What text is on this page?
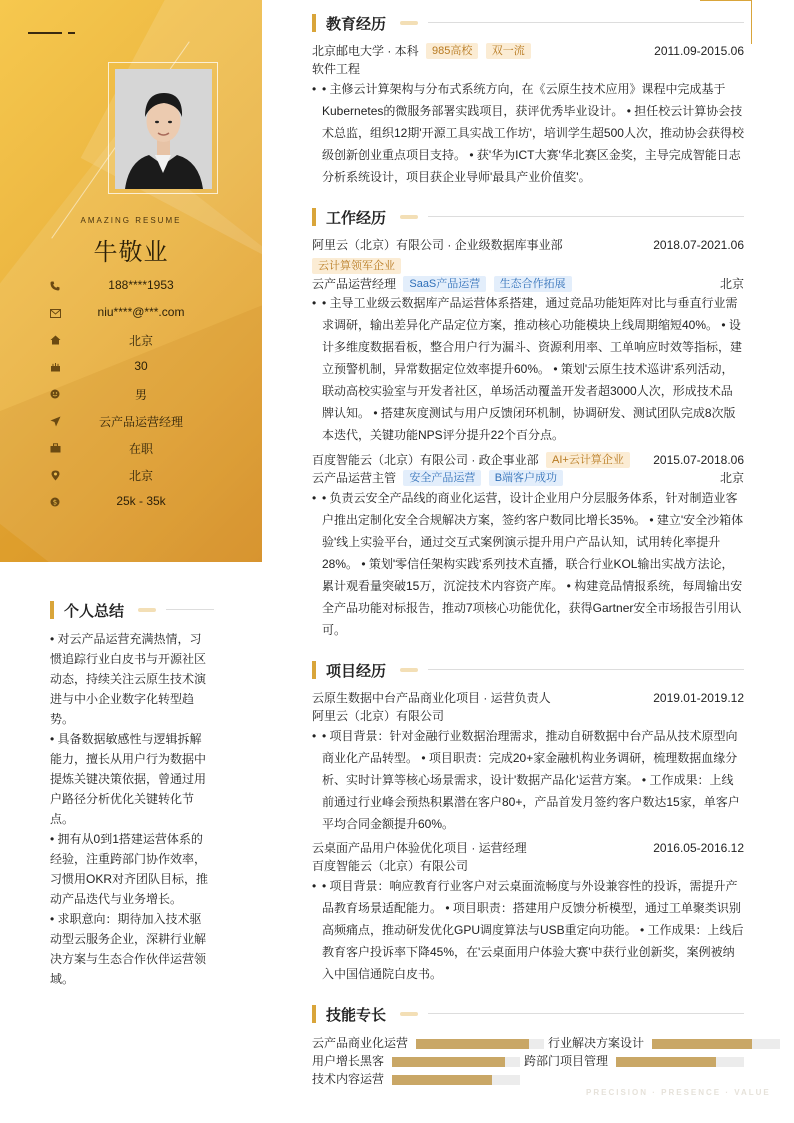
AMAZING RESUME
牛敬业
188****1953
niu****@***.com
北京
30
男
云产品运营经理
在职
北京
$	25k - 35k
个人总结

• 对云产品运营充满热情，习惯追踪行业白皮书与开源社区动态，持续关注云原生技术演进与中小企业数字化转型趋势。

• 具备数据敏感性与逻辑拆解能力，擅长从用户行为数据中提炼关键决策依据，曾通过用户路径分析优化关键转化节点。

• 拥有从0到1搭建运营体系的经验，注重跨部门协作效率，习惯用OKR对齐团队目标，推动产品迭代与业务增长。

• 求职意向：期待加入技术驱动型云服务企业，深耕行业解决方案与生态合作伙伴运营领域。

教育经历
北京邮电大学 · 本科 985高校 双一流	2011.09-2015.06
软件工程
• • 主修云计算架构与分布式系统方向，在《云原生技术应用》课程中完成基于Kubernetes的微服务部署实践项目，获评优秀毕业设计。 • 担任校云计算协会技术总监，组织12期'开源工具实战工作坊'，培训学生超500人次，推动协会获得校级创新创业重点项目支持。 • 获'华为ICT大赛'华北赛区金奖，主导完成智能日志分析系统设计，项目获企业导师'最具产业价值奖'。
工作经历
阿里云（北京）有限公司 · 企业级数据库事业部	2018.07-2021.06
云计算领军企业
云产品运营经理 SaaS产品运营 生态合作拓展	北京
• • 主导工业级云数据库产品运营体系搭建，通过竞品功能矩阵对比与垂直行业需求调研，输出差异化产品定位方案，推动核心功能模块上线周期缩短40%。 • 设计多维度数据看板，整合用户行为漏斗、资源利用率、工单响应时效等指标，建立预警机制，异常数据定位效率提升60%。 • 策划'云原生技术巡讲'系列活动，联动高校实验室与开发者社区，单场活动覆盖开发者超3000人次，形成技术品牌认知。 • 搭建灰度测试与用户反馈闭环机制，协调研发、测试团队完成8次版本迭代，关键功能NPS评分提升22个百分点。
百度智能云（北京）有限公司 · 政企事业部 AI+云计算企业 2015.07-2018.06
云产品运营主管 安全产品运营 B端客户成功	北京
• • 负责云安全产品线的商业化运营，设计企业用户分层服务体系，针对制造业客户推出定制化安全合规解决方案，签约客户数同比增长35%。 • 建立'安全沙箱体验'线上实验平台，通过交互式案例演示提升用户产品认知，试用转化率提升28%。 • 策划'零信任架构实践'系列技术直播，联合行业KOL输出实战方法论，累计观看量突破15万，沉淀技术内容资产库。 • 构建竞品情报系统，每周输出安全产品功能对标报告，推动7项核心功能优化，获得Gartner安全市场报告引用认可。
项目经历
云原生数据中台产品商业化项目 · 运营负责人	2019.01-2019.12
阿里云（北京）有限公司
• • 项目背景：针对金融行业数据治理需求，推动自研数据中台产品从技术原型向商业化产品转型。 • 项目职责：完成20+家金融机构业务调研，梳理数据血缘分析、实时计算等核心场景需求，设计'数据产品化'运营方案。 • 工作成果：上线前通过行业峰会预热积累潜在客户80+，产品首发月签约客户数达15家，单客户平均合同金额提升60%。
云桌面产品用户体验优化项目 · 运营经理	2016.05-2016.12
百度智能云（北京）有限公司
• • 项目背景：响应教育行业客户对云桌面流畅度与外设兼容性的投诉，需提升产品教育场景适配能力。 • 项目职责：搭建用户反馈分析模型，通过工单聚类识别高频痛点，推动研发优化GPU调度算法与USB重定向功能。 • 工作成果：上线后教育客户投诉率下降45%，在'云桌面用户体验大赛'中获行业创新奖，案例被纳入中国信通院白皮书。
技能专长
云产品商业化运营	行业解决方案设计
用户增长黑客	跨部门项目管理
技术内容运营
PRECISION · PRESENCE · VALUE
